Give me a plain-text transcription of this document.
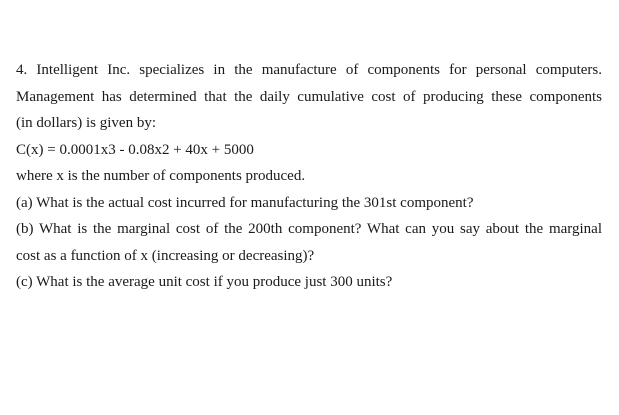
4. Intelligent Inc. specializes in the manufacture of components for personal computers.
Management has determined that the daily cumulative cost of producing these components
(in dollars) is given by:
C(x) = 0.0001x3 - 0.08x2 + 40x + 5000
where x is the number of components produced.
(a) What is the actual cost incurred for manufacturing the 301st component?
(b) What is the marginal cost of the 200th component? What can you say about the marginal
cost as a function of x (increasing or decreasing)?
(c) What is the average unit cost if you produce just 300 units?
